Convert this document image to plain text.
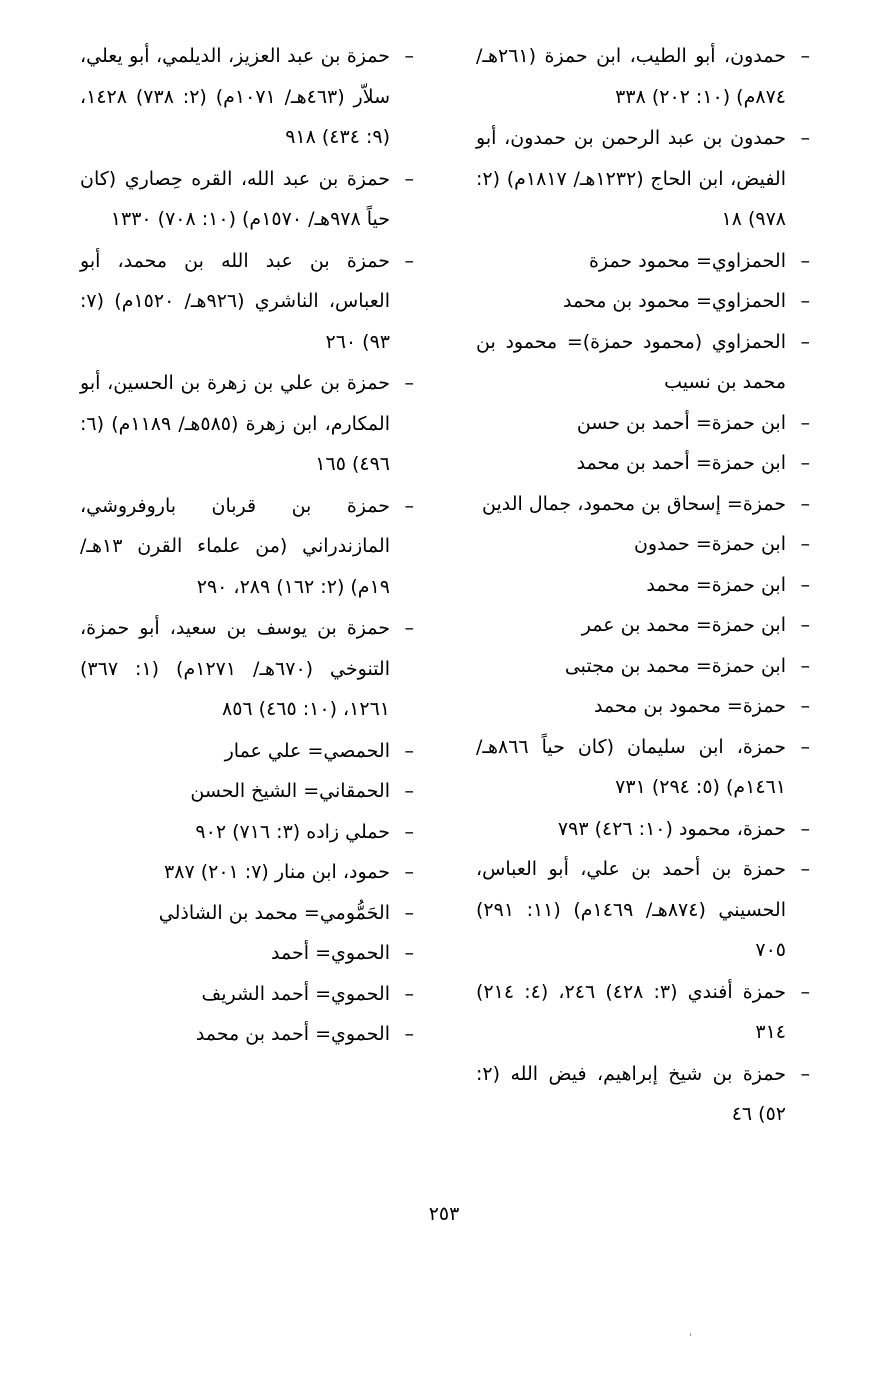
–
حمدون، أبو الطيب، ابن حمزة (٢٦١هـ/ ٨٧٤م) (١٠: ٢٠٢) ٣٣٨
–
حمدون بن عبد الرحمن بن حمدون، أبو الفيض، ابن الحاج (١٢٣٢هـ/ ١٨١٧م) (٢: ٩٧٨) ١٨
–
الحمزاوي= محمود حمزة
–
الحمزاوي= محمود بن محمد
–
الحمزاوي (محمود حمزة)= محمود بن محمد بن نسيب
–
ابن حمزة= أحمد بن حسن
–
ابن حمزة= أحمد بن محمد
–
حمزة= إسحاق بن محمود، جمال الدين
–
ابن حمزة= حمدون
–
ابن حمزة= محمد
–
ابن حمزة= محمد بن عمر
–
ابن حمزة= محمد بن مجتبى
–
حمزة= محمود بن محمد
–
حمزة، ابن سليمان (كان حياً ٨٦٦هـ/ ١٤٦١م) (٥: ٢٩٤) ٧٣١
–
حمزة، محمود (١٠: ٤٢٦) ٧٩٣
–
حمزة بن أحمد بن علي، أبو العباس، الحسيني (٨٧٤هـ/ ١٤٦٩م) (١١: ٢٩١) ٧٠٥
–
حمزة أفندي (٣: ٤٢٨) ٢٤٦، (٤: ٢١٤) ٣١٤
–
حمزة بن شيخ إبراهيم، فيض الله (٢: ٥٢) ٤٦
–
حمزة بن عبد العزيز، الديلمي، أبو يعلي، سلاّر (٤٦٣هـ/ ١٠٧١م) (٢: ٧٣٨) ١٤٢٨، (٩: ٤٣٤) ٩١٨
–
حمزة بن عبد الله، القره حِصاري (كان حياً ٩٧٨هـ/ ١٥٧٠م) (١٠: ٧٠٨) ١٣٣٠
–
حمزة بن عبد الله بن محمد، أبو العباس، الناشري (٩٢٦هـ/ ١٥٢٠م) (٧: ٩٣) ٢٦٠
–
حمزة بن علي بن زهرة بن الحسين، أبو المكارم، ابن زهرة (٥٨٥هـ/ ١١٨٩م) (٦: ٤٩٦) ١٦٥
–
حمزة بن قربان باروفروشي، المازندراني (من علماء القرن ١٣هـ/ ١٩م) (٢: ١٦٢) ٢٨٩، ٢٩٠
–
حمزة بن يوسف بن سعيد، أبو حمزة، التنوخي (٦٧٠هـ/ ١٢٧١م) (١: ٣٦٧) ١٢٦١، (١٠: ٤٦٥) ٨٥٦
–
الحمصي= علي عمار
–
الحمقاني= الشيخ الحسن
–
حملي زاده (٣: ٧١٦) ٩٠٢
–
حمود، ابن منار (٧: ٢٠١) ٣٨٧
–
الحَمُّومي= محمد بن الشاذلي
–
الحموي= أحمد
–
الحموي= أحمد الشريف
–
الحموي= أحمد بن محمد
٢٥٣
